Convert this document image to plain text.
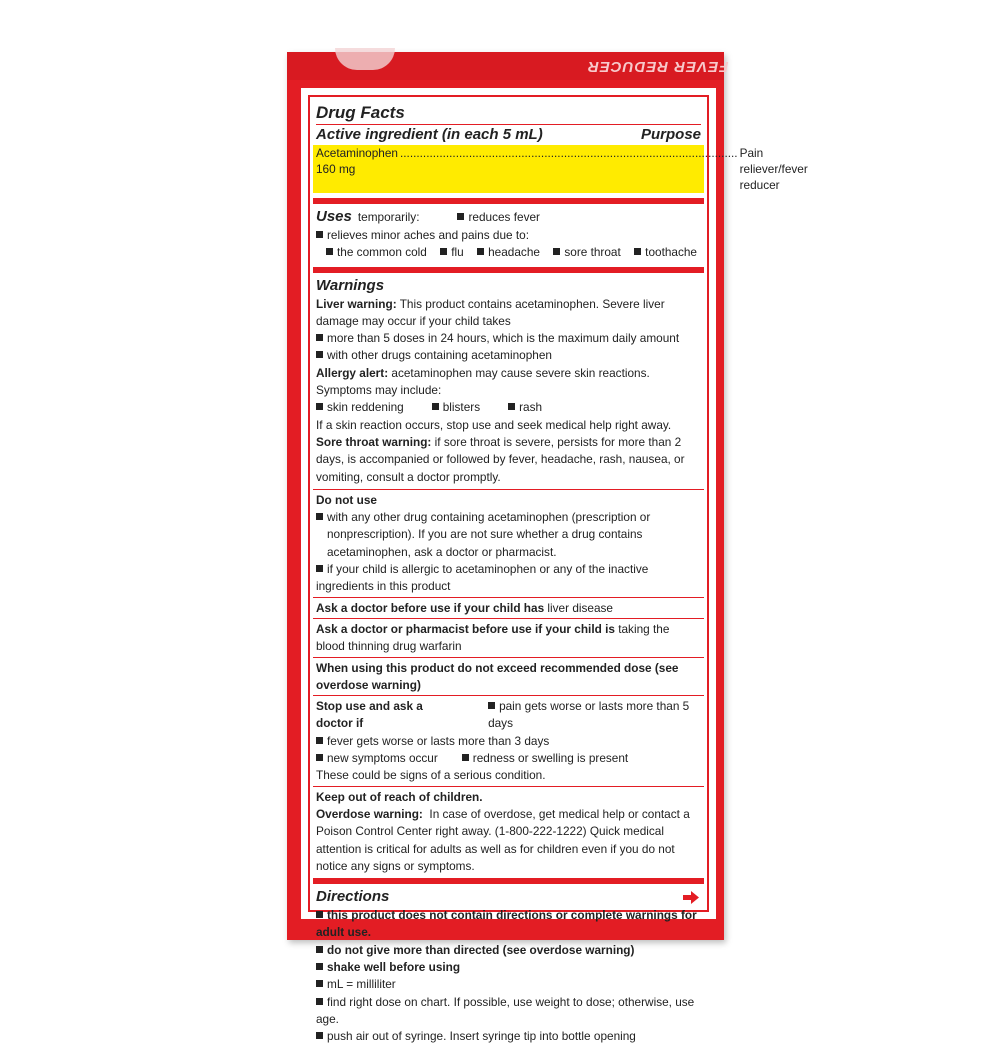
FEVER REDUCER
Drug Facts
Active ingredient (in each 5 mL)	Purpose
Acetaminophen 160 mg
....................................................................................................... Pain reliever/fever reducer
Uses temporarily:	reduces fever
relieves minor aches and pains due to:
the common cold	flu	headache	sore throat	toothache
Warnings
Liver warning: This product contains acetaminophen. Severe liver damage may occur if your child takes
more than 5 doses in 24 hours, which is the maximum daily amount
with other drugs containing acetaminophen
Allergy alert: acetaminophen may cause severe skin reactions. Symptoms may include:
skin reddening	blisters	rash
If a skin reaction occurs, stop use and seek medical help right away.
Sore throat warning: if sore throat is severe, persists for more than 2 days, is accompanied or followed by fever, headache, rash, nausea, or vomiting, consult a doctor promptly.
Do not use
with any other drug containing acetaminophen (prescription or nonprescription). If you are not sure whether a drug contains acetaminophen, ask a doctor or pharmacist.
if your child is allergic to acetaminophen or any of the inactive ingredients in this product
Ask a doctor before use if your child has liver disease
Ask a doctor or pharmacist before use if your child is taking the blood thinning drug warfarin
When using this product do not exceed recommended dose (see overdose warning)
Stop use and ask a doctor if
pain gets worse or lasts more than 5 days
fever gets worse or lasts more than 3 days
new symptoms occur	redness or swelling is present
These could be signs of a serious condition.
Keep out of reach of children.
Overdose warning: In case of overdose, get medical help or contact a Poison Control Center right away. (1-800-222-1222) Quick medical attention is critical for adults as well as for children even if you do not notice any signs or symptoms.
Directions
this product does not contain directions or complete warnings for adult use.
do not give more than directed (see overdose warning)
shake well before using
mL = milliliter
find right dose on chart. If possible, use weight to dose; otherwise, use age.
push air out of syringe. Insert syringe tip into bottle opening
